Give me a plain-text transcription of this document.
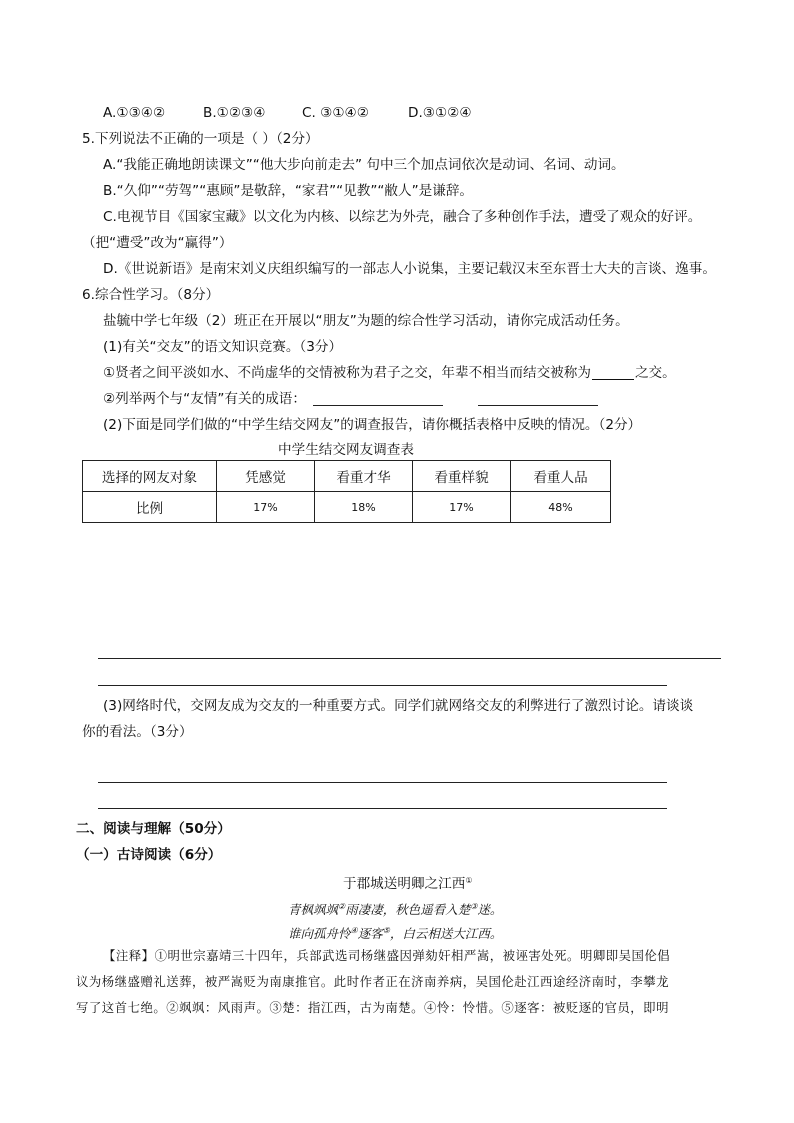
A.①③④②	B.①②③④	C. ③①④②	D.③①②④
5.下列说法不正确的一项是（ ）（2分）
A.“我能正确地朗读课文”“他大步向前走去” 句中三个加点词依次是动词、名词、动词。
B.“久仰”“劳驾”“惠顾”是敬辞，“家君”“见教”“敝人”是谦辞。
C.电视节目《国家宝藏》以文化为内核、以综艺为外壳，融合了多种创作手法，遭受了观众的好评。
（把“遭受”改为“赢得”）
D.《世说新语》是南宋刘义庆组织编写的一部志人小说集，主要记载汉末至东晋士大夫的言谈、逸事。
6.综合性学习。（8分）
盐毓中学七年级（2）班正在开展以“朋友”为题的综合性学习活动，请你完成活动任务。
(1)有关“交友”的语文知识竞赛。（3分）
①贤者之间平淡如水、不尚虚华的交情被称为君子之交，年辈不相当而结交被称为	之交。
②列举两个与“友情”有关的成语：
(2)下面是同学们做的“中学生结交网友”的调查报告，请你概括表格中反映的情况。（2分）
中学生结交网友调查表
选择的网友对象	凭感觉	看重才华	看重样貌	看重人品
比例	17%	18%	17%	48%
(3)网络时代，交网友成为交友的一种重要方式。同学们就网络交友的利弊进行了激烈讨论。请谈谈
你的看法。（3分）
二、阅读与理解（50分）
（一）古诗阅读（6分）
于郡城送明卿之江西①
青枫飒飒②雨凄凄，秋色遥看入楚③迷。
谁向孤舟怜④逐客⑤，白云相送大江西。
【注释】①明世宗嘉靖三十四年，兵部武选司杨继盛因弹劾奸相严嵩，被诬害处死。明卿即吴国伦倡
议为杨继盛赠礼送葬，被严嵩贬为南康推官。此时作者正在济南养病，吴国伦赴江西途经济南时，李攀龙
写了这首七绝。②飒飒：风雨声。③楚：指江西，古为南楚。④怜：怜惜。⑤逐客：被贬逐的官员，即明
